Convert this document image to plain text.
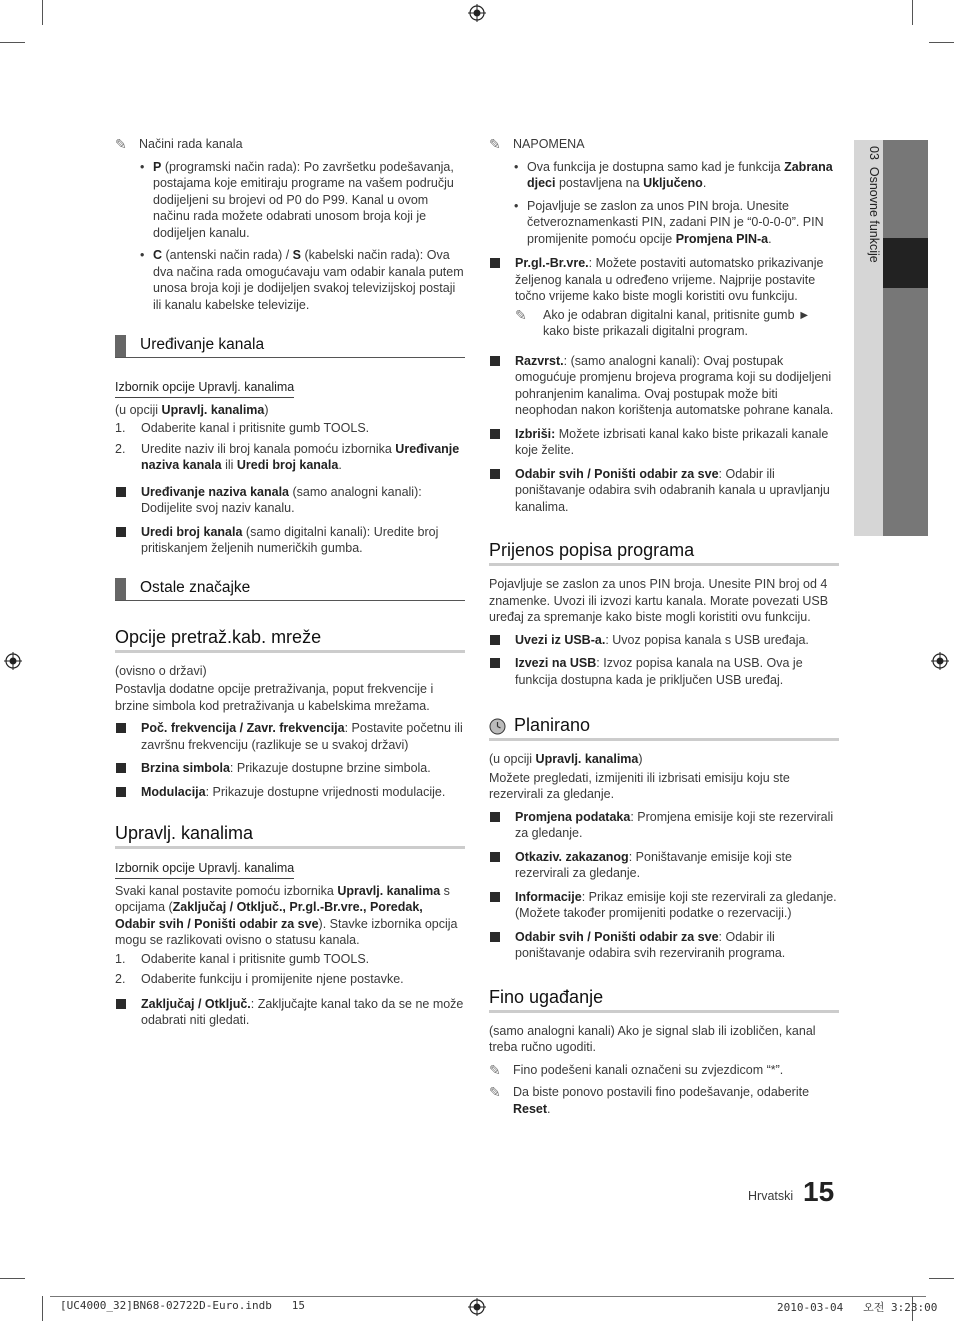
03  Osnovne funkcije
✎ Načini rada kanala
• P (programski način rada): Po završetku podešavanja, postajama koje emitiraju programe na vašem području dodijeljeni su brojevi od P0 do P99. Kanal u ovom načinu rada možete odabrati unosom broja koji je dodijeljen kanalu.
• C (antenski način rada) / S (kabelski način rada): Ova dva načina rada omogućavaju vam odabir kanala putem unosa broja koji je dodijeljen svakoj televizijskoj postaji ili kanalu kabelske televizije.
Uređivanje kanala
Izbornik opcije Upravlj. kanalima
(u opciji Upravlj. kanalima)
1. Odaberite kanal i pritisnite gumb TOOLS.
2. Uredite naziv ili broj kanala pomoću izbornika Uređivanje naziva kanala ili Uredi broj kanala.
Uređivanje naziva kanala (samo analogni kanali): Dodijelite svoj naziv kanalu.
Uredi broj kanala (samo digitalni kanali): Uredite broj pritiskanjem željenih numeričkih gumba.
Ostale značajke
Opcije pretraž.kab. mreže
(ovisno o državi)
Postavlja dodatne opcije pretraživanja, poput frekvencije i brzine simbola kod pretraživanja u kabelskima mrežama.
Poč. frekvencija / Zavr. frekvencija: Postavite početnu ili završnu frekvenciju (razlikuje se u svakoj državi)
Brzina simbola: Prikazuje dostupne brzine simbola.
Modulacija: Prikazuje dostupne vrijednosti modulacije.
Upravlj. kanalima
Izbornik opcije Upravlj. kanalima
Svaki kanal postavite pomoću izbornika Upravlj. kanalima s opcijama (Zaključaj / Otključ., Pr.gl.-Br.vre., Poredak, Odabir svih / Poništi odabir za sve). Stavke izbornika opcija mogu se razlikovati ovisno o statusu kanala.
1. Odaberite kanal i pritisnite gumb TOOLS.
2. Odaberite funkciju i promijenite njene postavke.
Zaključaj / Otključ.: Zaključajte kanal tako da se ne može odabrati niti gledati.
✎ NAPOMENA
• Ova funkcija je dostupna samo kad je funkcija Zabrana djeci postavljena na Uključeno.
• Pojavljuje se zaslon za unos PIN broja. Unesite četveroznamenkasti PIN, zadani PIN je “0-0-0-0”. PIN promijenite pomoću opcije Promjena PIN-a.
Pr.gl.-Br.vre.: Možete postaviti automatsko prikazivanje željenog kanala u određeno vrijeme. Najprije postavite točno vrijeme kako biste mogli koristiti ovu funkciju.
✎ Ako je odabran digitalni kanal, pritisnite gumb ► kako biste prikazali digitalni program.
Razvrst.: (samo analogni kanali): Ovaj postupak omogućuje promjenu brojeva programa koji su dodijeljeni pohranjenim kanalima. Ovaj postupak može biti neophodan nakon korištenja automatske pohrane kanala.
Izbriši: Možete izbrisati kanal kako biste prikazali kanale koje želite.
Odabir svih / Poništi odabir za sve: Odabir ili poništavanje odabira svih odabranih kanala u upravljanju kanalima.
Prijenos popisa programa
Pojavljuje se zaslon za unos PIN broja. Unesite PIN broj od 4 znamenke. Uvozi ili izvozi kartu kanala. Morate povezati USB uređaj za spremanje kako biste mogli koristiti ovu funkciju.
Uvezi iz USB-a.: Uvoz popisa kanala s USB uređaja.
Izvezi na USB: Izvoz popisa kanala na USB. Ova je funkcija dostupna kada je priključen USB uređaj.
Planirano
(u opciji Upravlj. kanalima)
Možete pregledati, izmijeniti ili izbrisati emisiju koju ste rezervirali za gledanje.
Promjena podataka: Promjena emisije koji ste rezervirali za gledanje.
Otkaziv. zakazanog: Poništavanje emisije koji ste rezervirali za gledanje.
Informacije: Prikaz emisije koji ste rezervirali za gledanje. (Možete također promijeniti podatke o rezervaciji.)
Odabir svih / Poništi odabir za sve: Odabir ili poništavanje odabira svih rezerviranih programa.
Fino ugađanje
(samo analogni kanali) Ako je signal slab ili izobličen, kanal treba ručno ugoditi.
✎ Fino podešeni kanali označeni su zvjezdicom “*”.
✎ Da biste ponovo postavili fino podešavanje, odaberite Reset.
Hrvatski 15
[UC4000_32]BN68-02722D-Euro.indb   15	2010-03-04   오전 3:23:00
